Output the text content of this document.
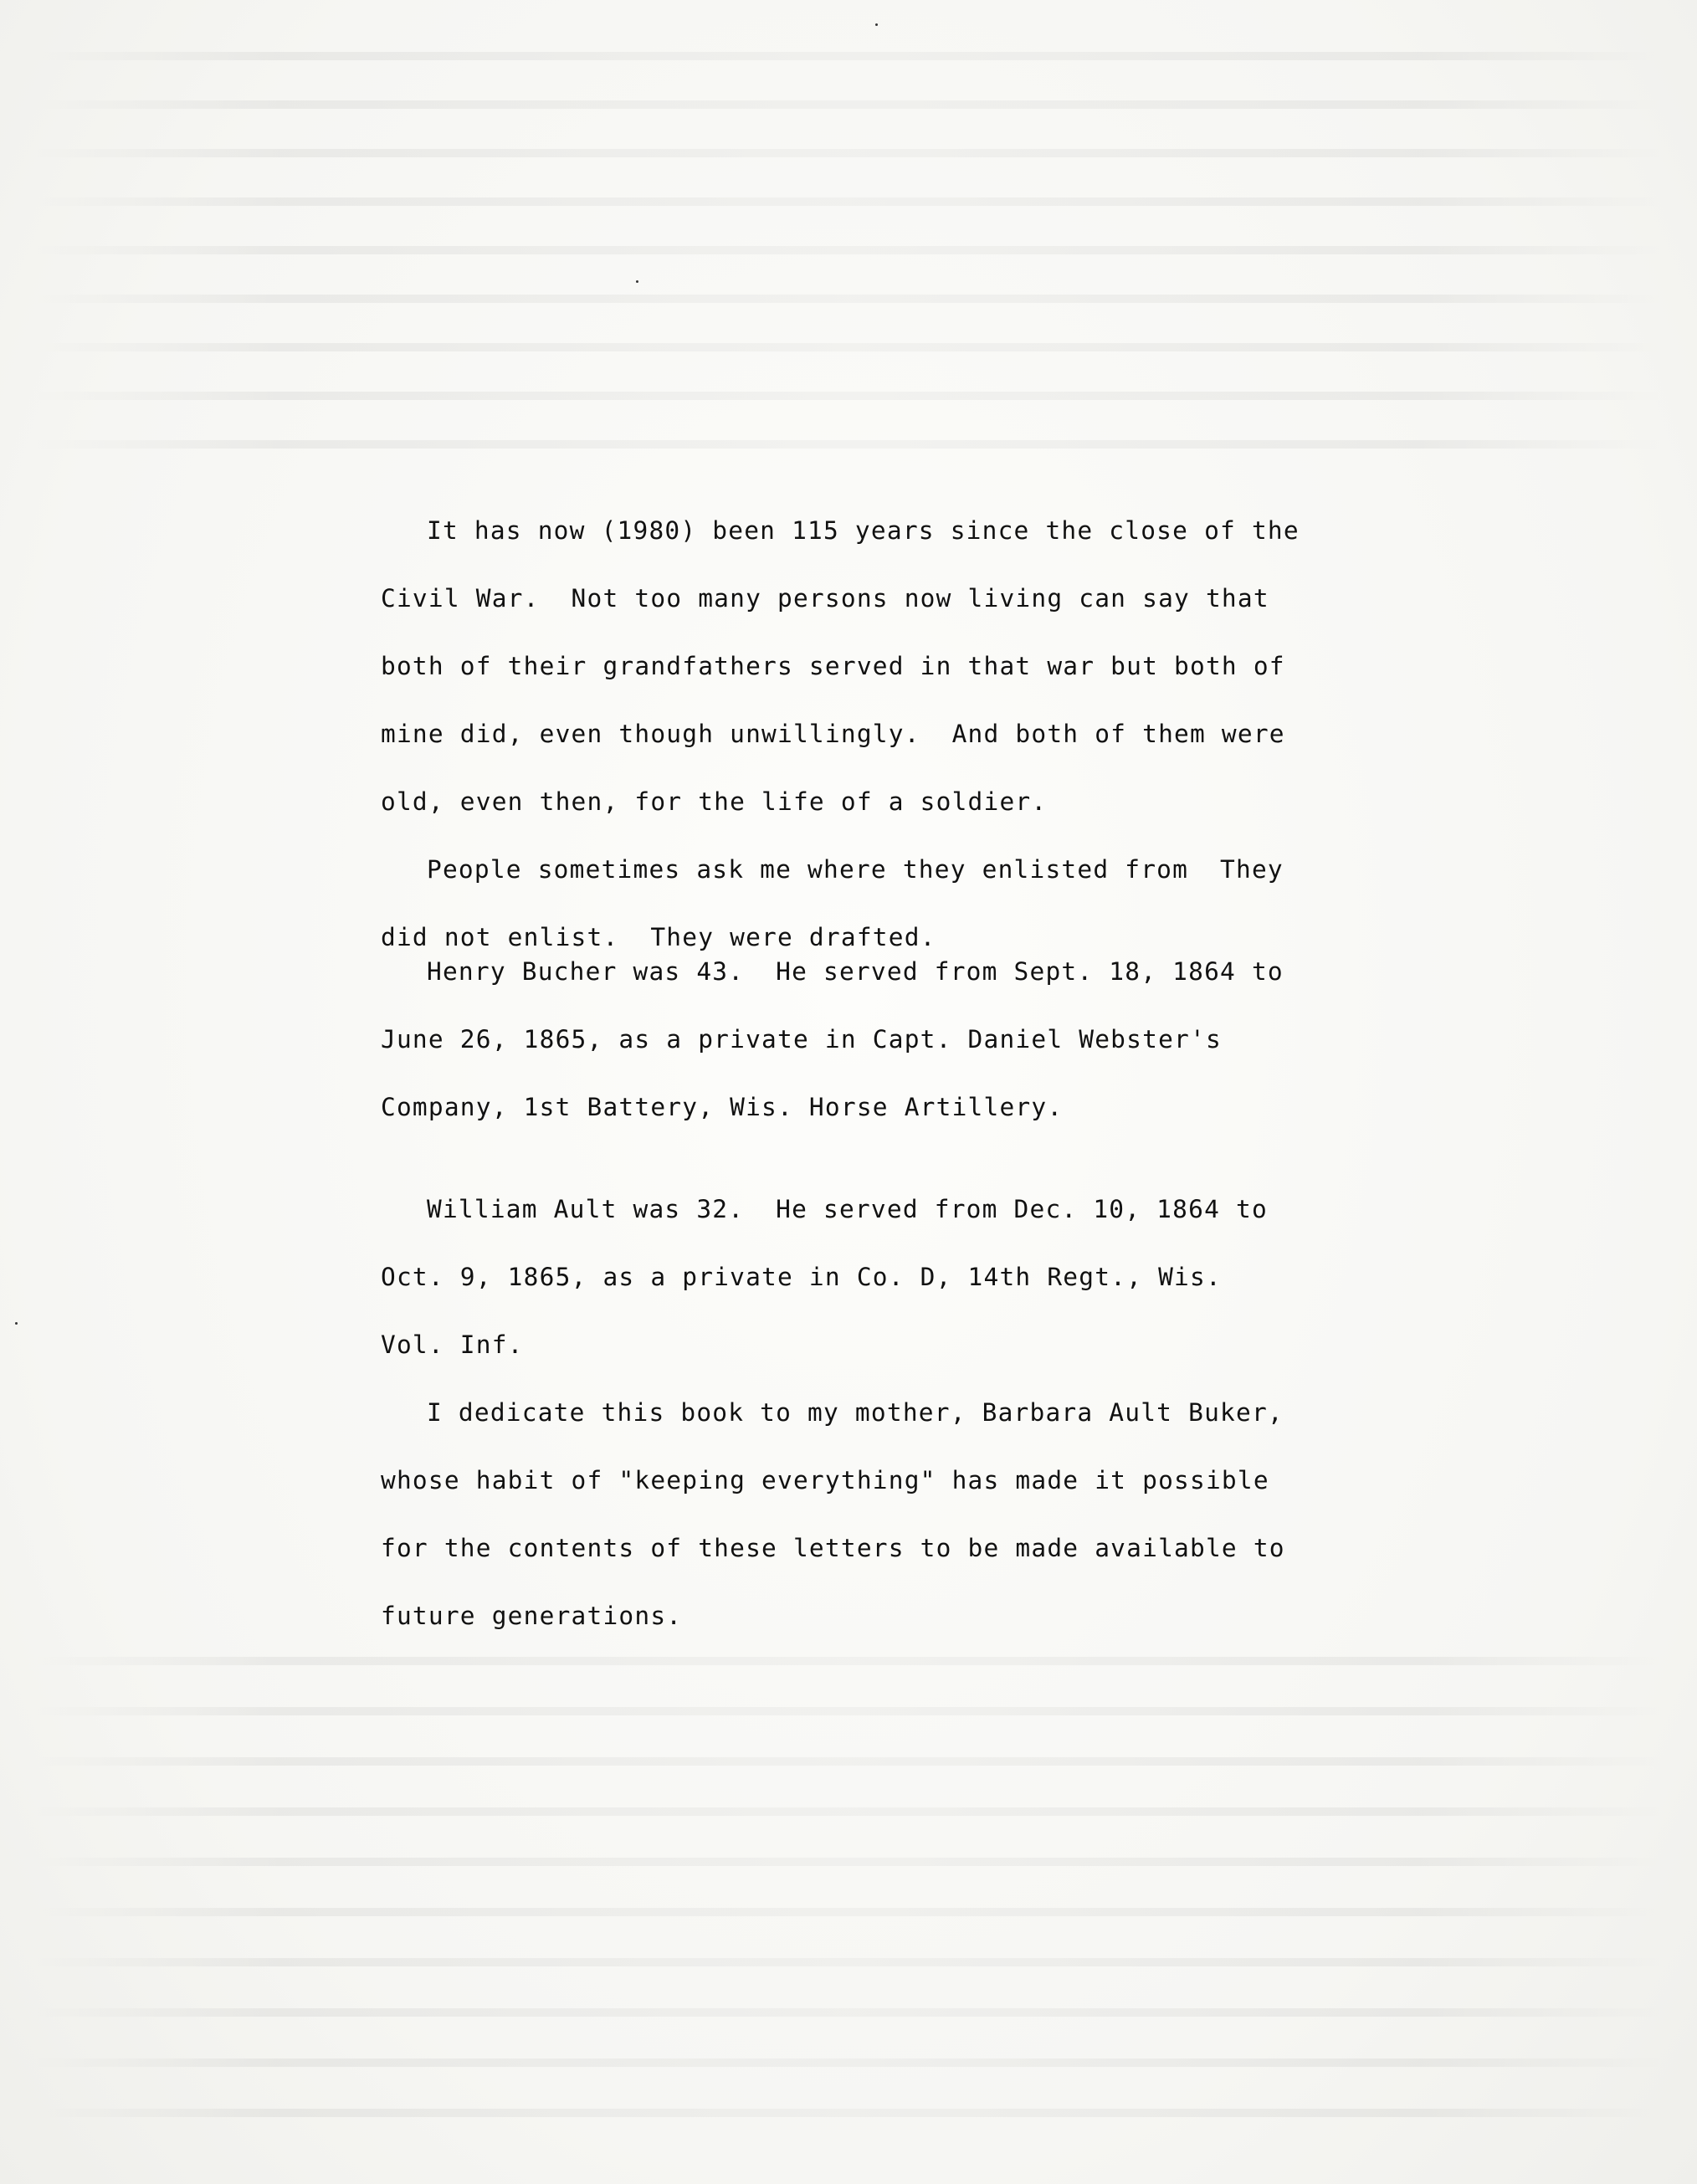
It has now (1980) been 115 years since the close of the
Civil War.  Not too many persons now living can say that
both of their grandfathers served in that war but both of
mine did, even though unwillingly.  And both of them were
old, even then, for the life of a soldier.
People sometimes ask me where they enlisted from  They
did not enlist.  They were drafted.
Henry Bucher was 43.  He served from Sept. 18, 1864 to
June 26, 1865, as a private in Capt. Daniel Webster's
Company, 1st Battery, Wis. Horse Artillery.
William Ault was 32.  He served from Dec. 10, 1864 to
Oct. 9, 1865, as a private in Co. D, 14th Regt., Wis.
Vol. Inf.
I dedicate this book to my mother, Barbara Ault Buker,
whose habit of "keeping everything" has made it possible
for the contents of these letters to be made available to
future generations.
